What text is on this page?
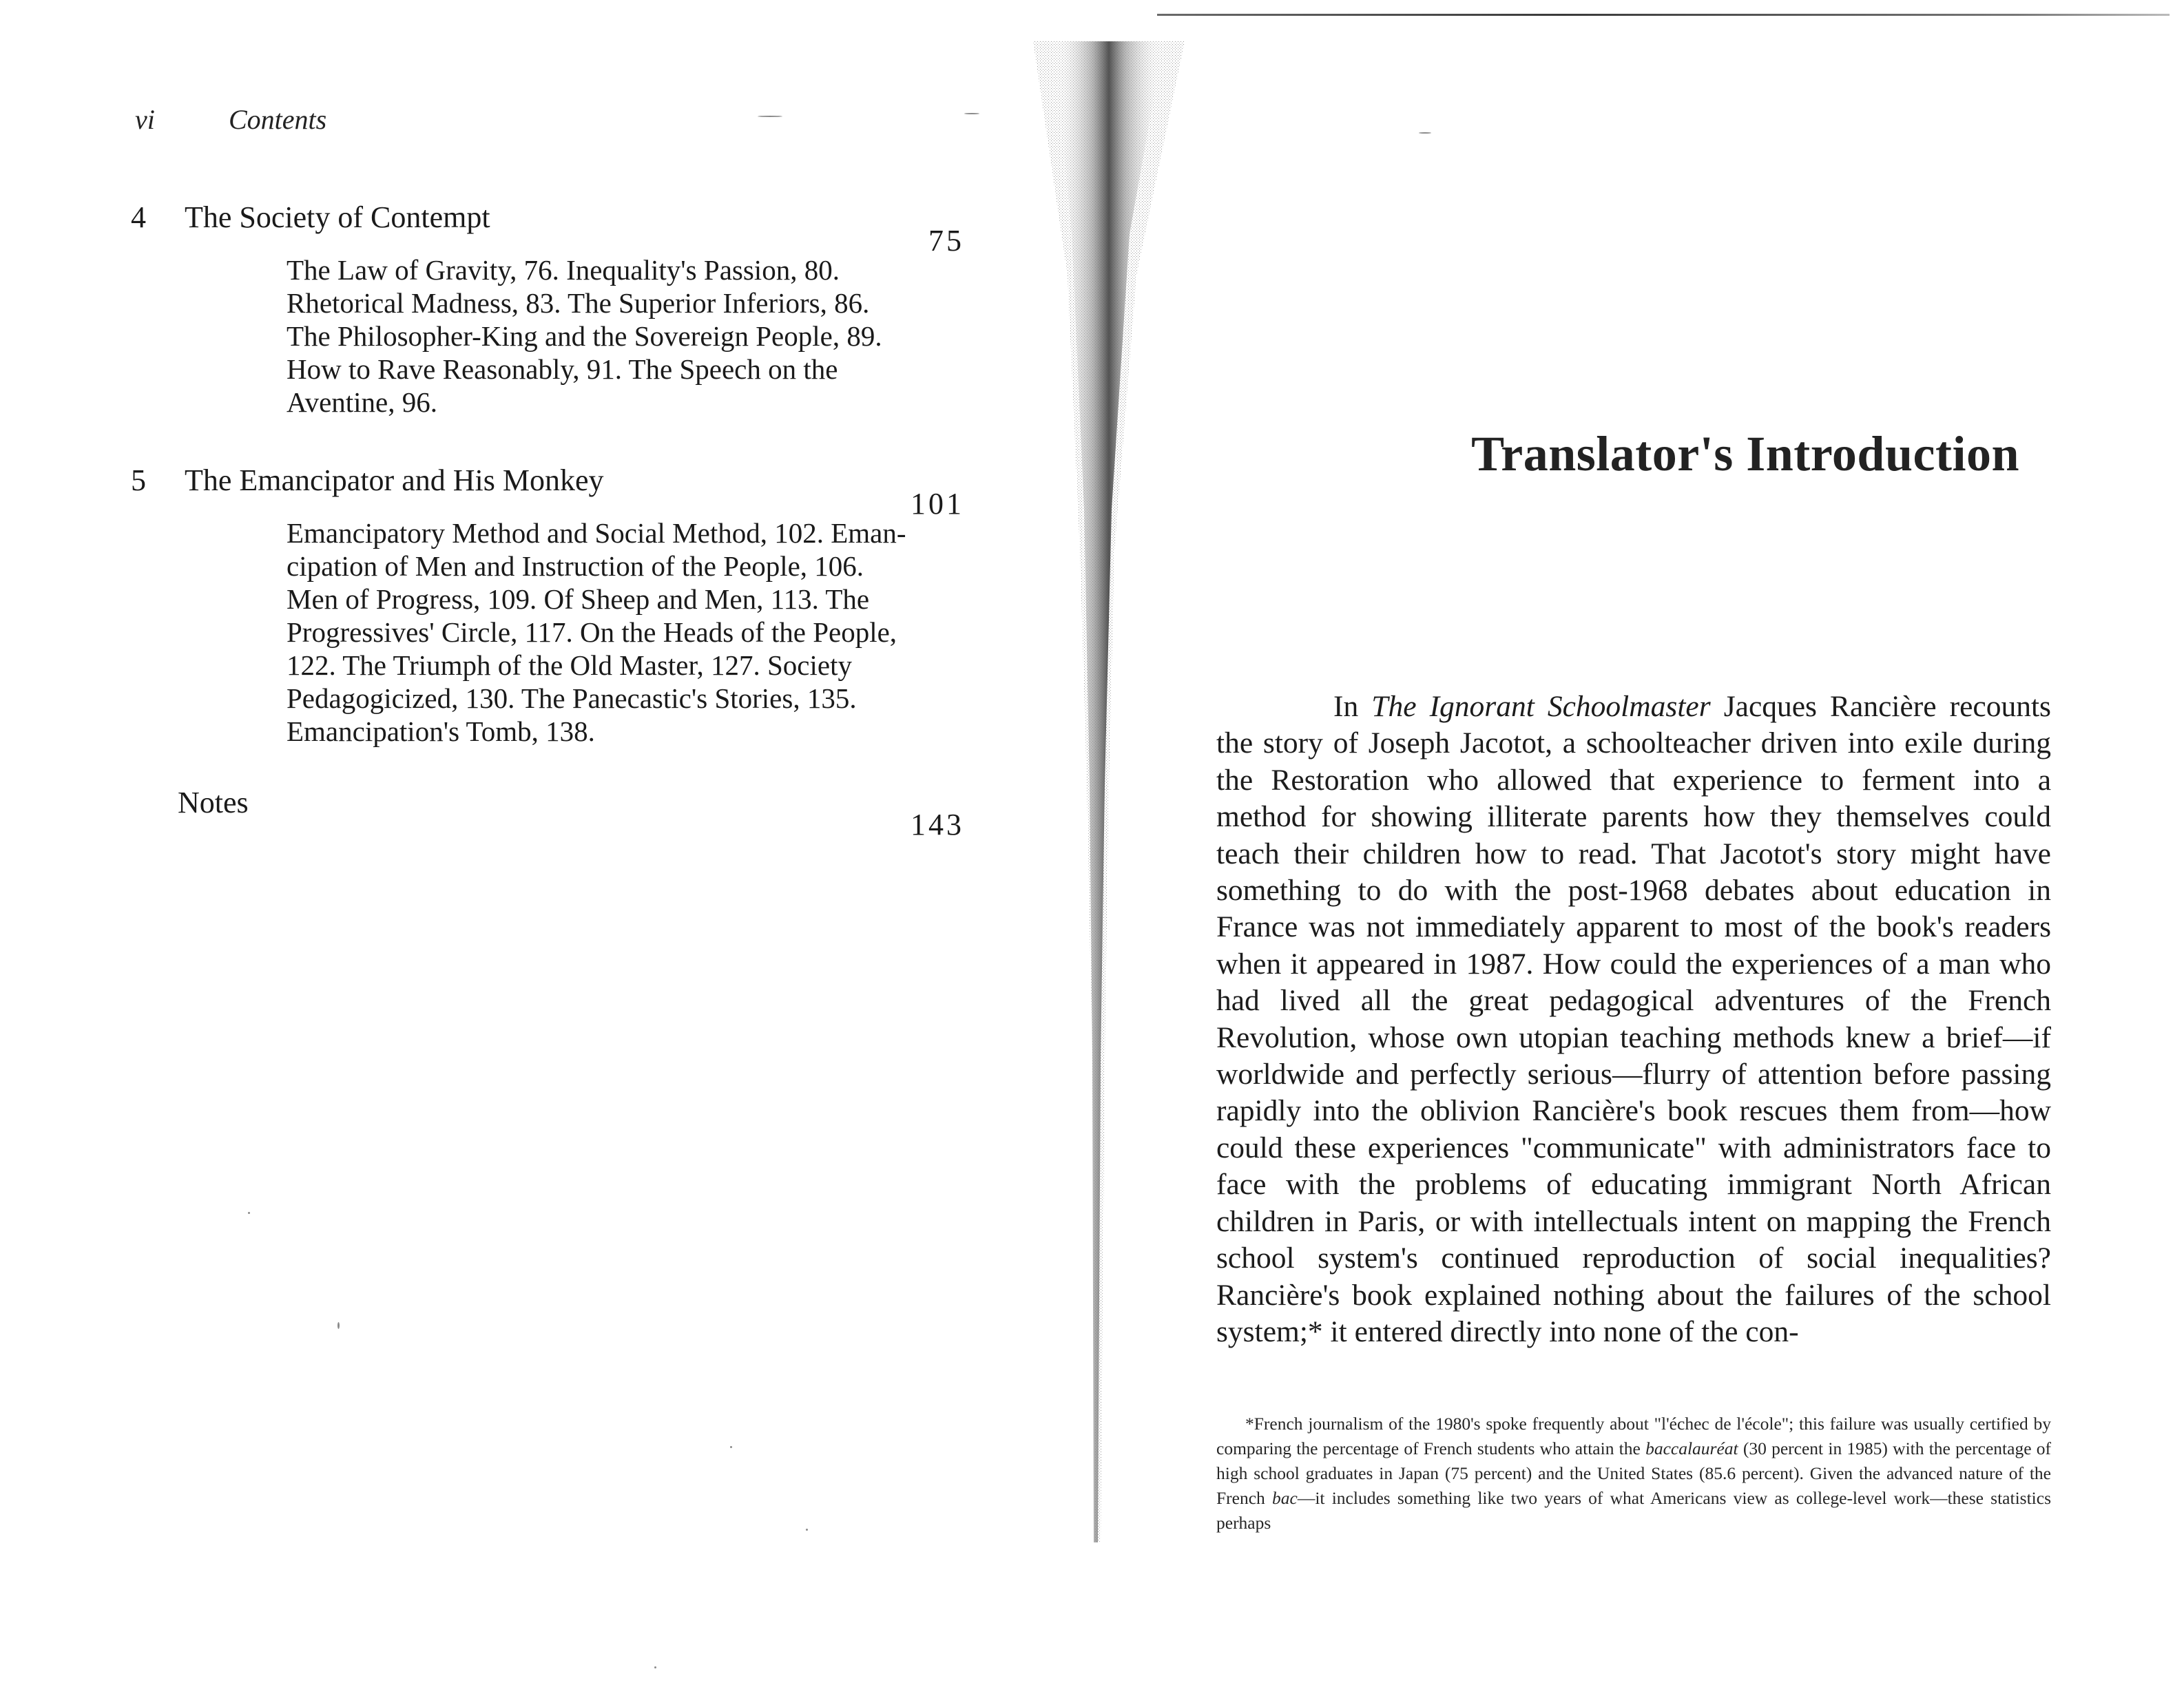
vi	Contents
4 The Society of Contempt
75
The Law of Gravity, 76. Inequality's Passion, 80.
Rhetorical Madness, 83. The Superior Inferiors, 86.
The Philosopher-King and the Sovereign People, 89.
How to Rave Reasonably, 91. The Speech on the
Aventine, 96.
5 The Emancipator and His Monkey
101
Emancipatory Method and Social Method, 102. Eman-
cipation of Men and Instruction of the People, 106.
Men of Progress, 109. Of Sheep and Men, 113. The
Progressives' Circle, 117. On the Heads of the People,
122. The Triumph of the Old Master, 127. Society
Pedagogicized, 130. The Panecastic's Stories, 135.
Emancipation's Tomb, 138.
Notes
143
Translator's Introduction
In The Ignorant Schoolmaster Jacques Rancière recounts the story of Joseph Jacotot, a schoolteacher driven into exile during the Restoration who allowed that experience to ferment into a method for showing illiterate parents how they themselves could teach their children how to read. That Jacotot's story might have something to do with the post-1968 debates about education in France was not immediately apparent to most of the book's readers when it appeared in 1987. How could the experiences of a man who had lived all the great pedagogical adventures of the French Revolution, whose own utopian teaching methods knew a brief—if worldwide and perfectly serious—flurry of attention before passing rapidly into the oblivion Rancière's book rescues them from—how could these experiences "communicate" with administrators face to face with the problems of educating immigrant North African children in Paris, or with intellectuals intent on mapping the French school system's continued reproduction of social inequalities? Rancière's book explained nothing about the failures of the school system;* it entered directly into none of the con-
*French journalism of the 1980's spoke frequently about "l'échec de l'école"; this failure was usually certified by comparing the percentage of French students who attain the baccalauréat (30 percent in 1985) with the percentage of high school graduates in Japan (75 percent) and the United States (85.6 percent). Given the advanced nature of the French bac—it includes something like two years of what Americans view as college-level work—these statistics perhaps
